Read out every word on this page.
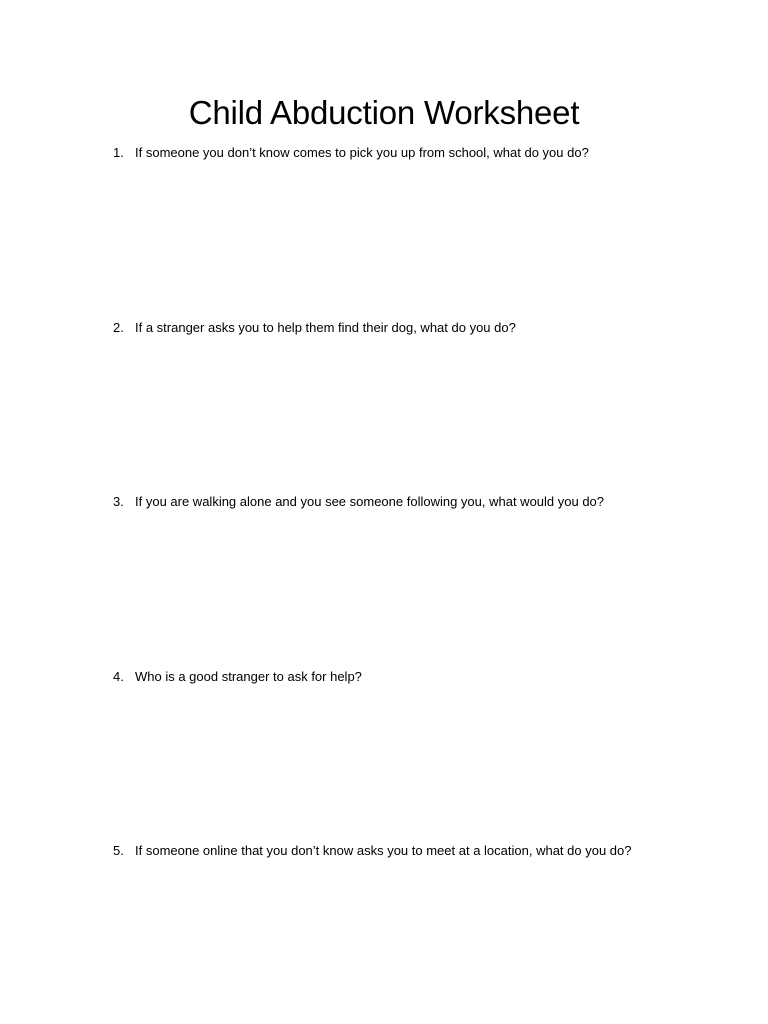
Child Abduction Worksheet
1. If someone you don’t know comes to pick you up from school, what do you do?
2. If a stranger asks you to help them find their dog, what do you do?
3. If you are walking alone and you see someone following you, what would you do?
4. Who is a good stranger to ask for help?
5. If someone online that you don’t know asks you to meet at a location, what do you do?
